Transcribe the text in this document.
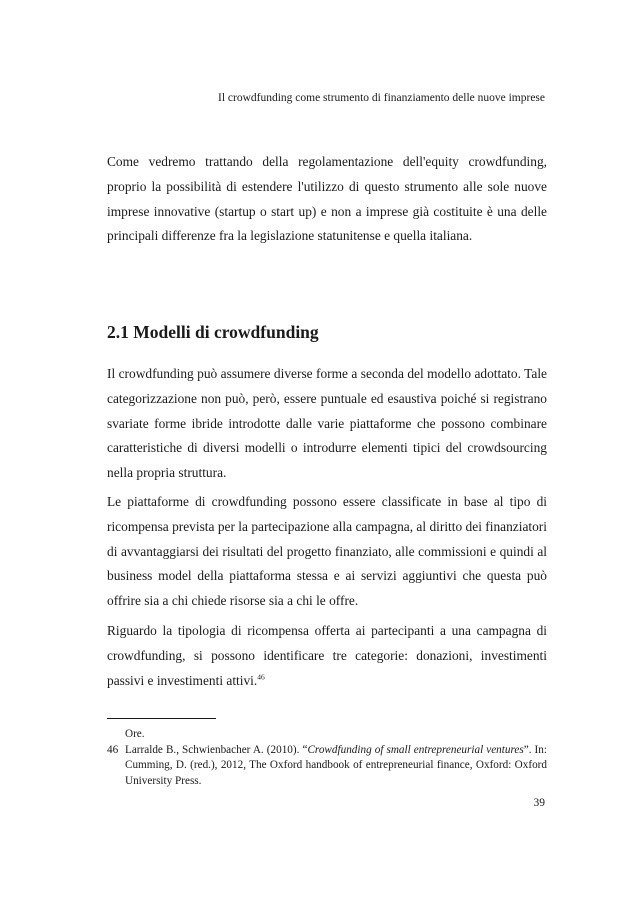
Il crowdfunding come strumento di finanziamento delle nuove imprese
Come vedremo trattando della regolamentazione dell'equity crowdfunding, proprio la possibilità di estendere l'utilizzo di questo strumento alle sole nuove imprese innovative (startup o start up) e non a imprese già costituite è una delle principali differenze fra la legislazione statunitense e quella italiana.
2.1 Modelli di crowdfunding
Il crowdfunding può assumere diverse forme a seconda del modello adottato. Tale categorizzazione non può, però, essere puntuale ed esaustiva poiché si registrano svariate forme ibride introdotte dalle varie piattaforme che possono combinare caratteristiche di diversi modelli o introdurre elementi tipici del crowdsourcing nella propria struttura.
Le piattaforme di crowdfunding possono essere classificate in base al tipo di ricompensa prevista per la partecipazione alla campagna, al diritto dei finanziatori di avvantaggiarsi dei risultati del progetto finanziato, alle commissioni e quindi al business model della piattaforma stessa e ai servizi aggiuntivi che questa può offrire sia a chi chiede risorse sia a chi le offre.
Riguardo la tipologia di ricompensa offerta ai partecipanti a una campagna di crowdfunding, si possono identificare tre categorie: donazioni, investimenti passivi e investimenti attivi.$^{46}$
Ore.
46 Larralde B., Schwienbacher A. (2010). “Crowdfunding of small entrepreneurial ventures”. In: Cumming, D. (red.), 2012, The Oxford handbook of entrepreneurial finance, Oxford: Oxford University Press.
39
